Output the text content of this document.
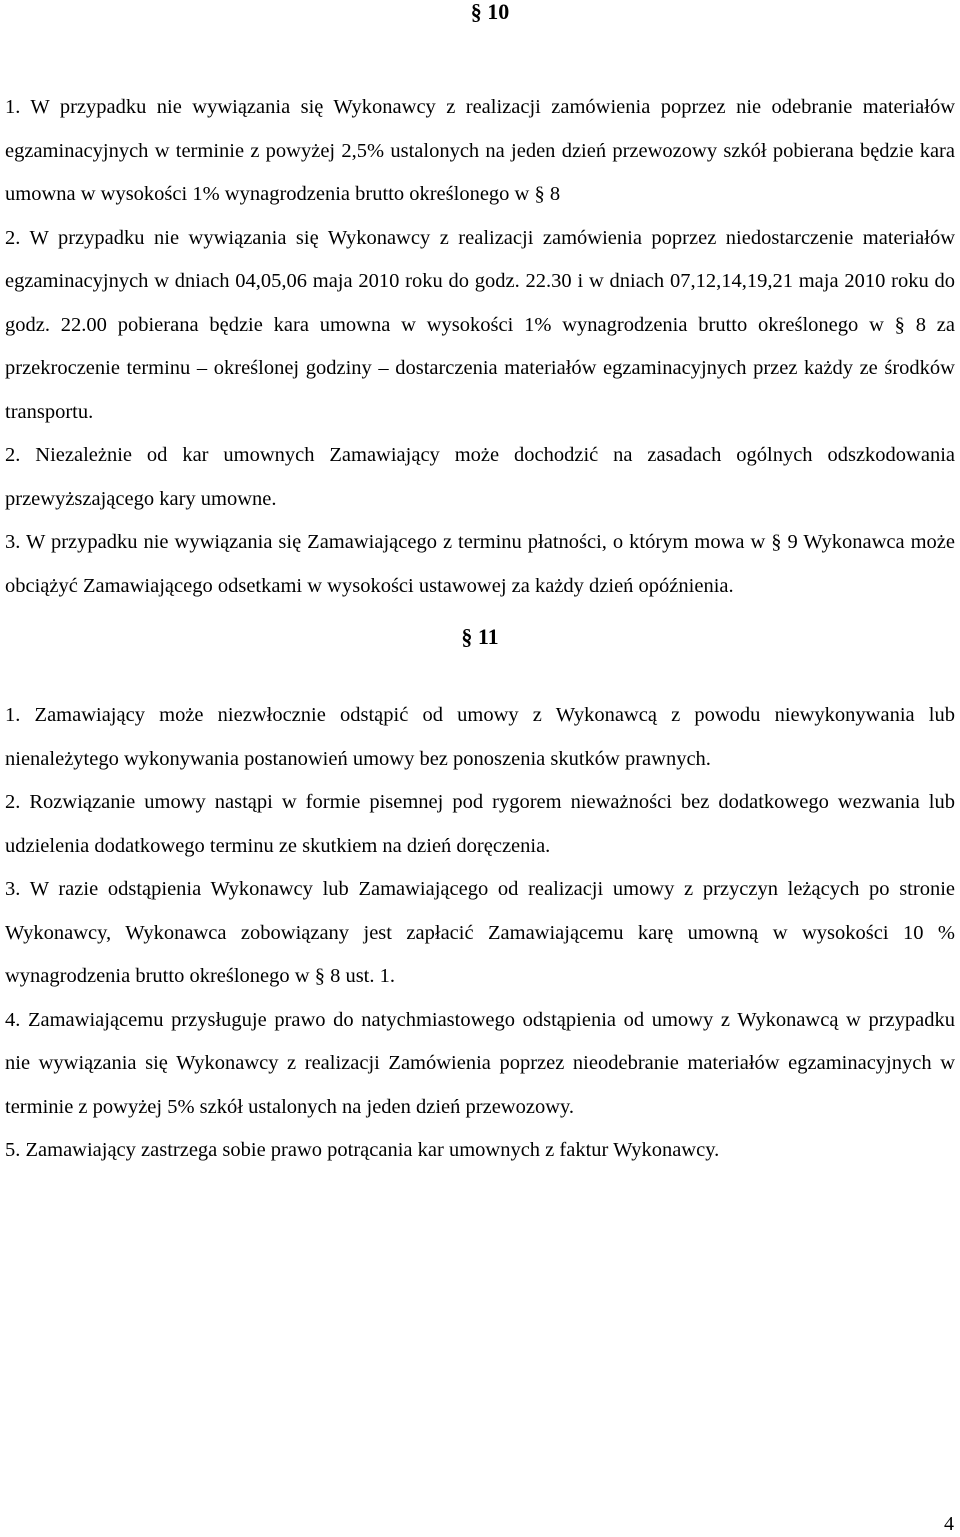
§ 10

1. W przypadku nie wywiązania się Wykonawcy z realizacji zamówienia poprzez nie odebranie materiałów egzaminacyjnych w terminie z powyżej 2,5% ustalonych na jeden dzień przewozowy szkół pobierana będzie kara umowna w wysokości 1% wynagrodzenia brutto określonego w § 8

2. W przypadku nie wywiązania się Wykonawcy z realizacji zamówienia poprzez niedostarczenie materiałów egzaminacyjnych w dniach 04,05,06 maja 2010 roku do godz. 22.30 i w dniach 07,12,14,19,21 maja 2010 roku do godz. 22.00 pobierana będzie kara umowna w wysokości 1% wynagrodzenia brutto określonego w § 8 za przekroczenie terminu – określonej godziny – dostarczenia materiałów egzaminacyjnych przez każdy ze środków transportu.

2. Niezależnie od kar umownych Zamawiający może dochodzić na zasadach ogólnych odszkodowania przewyższającego kary umowne.

3. W przypadku nie wywiązania się Zamawiającego z terminu płatności, o którym mowa w § 9 Wykonawca może obciążyć Zamawiającego odsetkami w wysokości ustawowej za każdy dzień opóźnienia.

§ 11

1. Zamawiający może niezwłocznie odstąpić od umowy z Wykonawcą z powodu niewykonywania lub nienależytego wykonywania postanowień umowy bez ponoszenia skutków prawnych.

2. Rozwiązanie umowy nastąpi w formie pisemnej pod rygorem nieważności bez dodatkowego wezwania lub udzielenia dodatkowego terminu ze skutkiem na dzień doręczenia.

3. W razie odstąpienia Wykonawcy lub Zamawiającego od realizacji umowy z przyczyn leżących po stronie Wykonawcy, Wykonawca zobowiązany jest zapłacić Zamawiającemu karę umowną w wysokości 10 % wynagrodzenia brutto określonego w § 8 ust. 1.

4. Zamawiającemu przysługuje prawo do natychmiastowego odstąpienia od umowy z Wykonawcą w przypadku nie wywiązania się Wykonawcy z realizacji Zamówienia poprzez nieodebranie materiałów egzaminacyjnych w terminie z powyżej 5% szkół ustalonych na jeden dzień przewozowy.

5. Zamawiający zastrzega sobie prawo potrącania kar umownych z faktur Wykonawcy.

4
